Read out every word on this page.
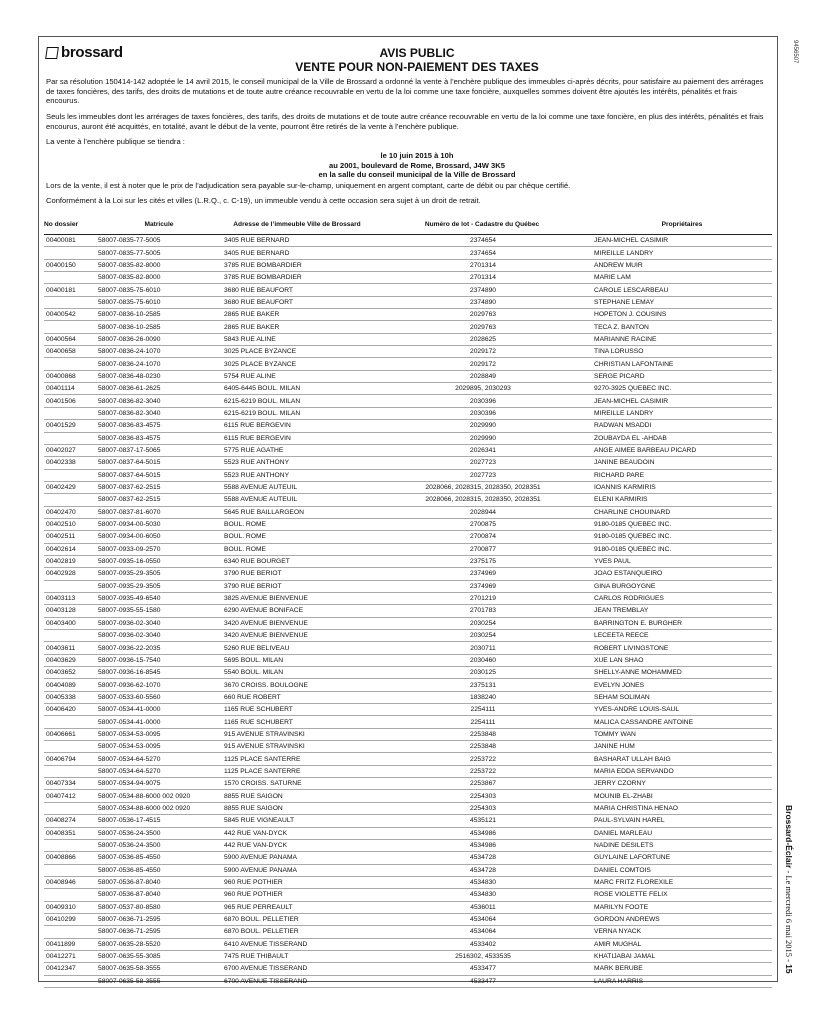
brossard	AVIS PUBLIC
VENTE POUR NON-PAIEMENT DES TAXES
9456507
Par sa résolution 150414-142 adoptée le 14 avril 2015, le conseil municipal de la Ville de Brossard a ordonné la vente à l’enchère publique des immeubles ci-après décrits, pour satisfaire au paiement des arrérages de taxes foncières, des tarifs, des droits de mutations et de toute autre créance recouvrable en vertu de la loi comme une taxe foncière, auxquelles sommes doivent être ajoutés les intérêts, pénalités et frais encourus.
Seuls les immeubles dont les arrérages de taxes foncières, des tarifs, des droits de mutations et de toute autre créance recouvrable en vertu de la loi comme une taxe foncière, en plus des intérêts, pénalités et frais encourus, auront été acquittés, en totalité, avant le début de la vente, pourront être retirés de la vente à l’enchère publique.
La vente à l’enchère publique se tiendra :
le 10 juin 2015 à 10h
au 2001, boulevard de Rome, Brossard, J4W 3K5
en la salle du conseil municipal de la Ville de Brossard
Lors de la vente, il est à noter que le prix de l’adjudication sera payable sur-le-champ, uniquement en argent comptant, carte de débit ou par chèque certifié.
Conformément à la Loi sur les cités et villes (L.R.Q., c. C-19), un immeuble vendu à cette occasion sera sujet à un droit de retrait.
No dossier	Matricule	Adresse de l’immeuble Ville de Brossard	Numéro de lot - Cadastre du Québec	Propriétaires
00400081	58007-0835-77-5005	3405 RUE BERNARD	2374654	JEAN-MICHEL CASIMIR
	58007-0835-77-5005	3405 RUE BERNARD	2374654	MIREILLE LANDRY
00400150	58007-0835-82-8000	3785 RUE BOMBARDIER	2701314	ANDREW MUIR
	58007-0835-82-8000	3785 RUE BOMBARDIER	2701314	MARIE LAM
00400181	58007-0835-75-6010	3680 RUE BEAUFORT	2374890	CAROLE LESCARBEAU
	58007-0835-75-6010	3680 RUE BEAUFORT	2374890	STEPHANE LEMAY
00400542	58007-0836-10-2585	2865 RUE BAKER	2029763	HOPETON J. COUSINS
	58007-0836-10-2585	2865 RUE BAKER	2029763	TECA Z. BANTON
00400564	58007-0836-26-0090	5843 RUE ALINE	2028625	MARIANNE RACINE
00400658	58007-0836-24-1070	3025 PLACE BYZANCE	2029172	TINA LORUSSO
	58007-0836-24-1070	3025 PLACE BYZANCE	2029172	CHRISTIAN LAFONTAINE
00400868	58007-0836-48-0230	5754 RUE ALINE	2028849	SERGE PICARD
00401114	58007-0836-61-2625	6405-6445 BOUL. MILAN	2029895, 2030293	9270-3925 QUEBEC INC.
00401506	58007-0836-82-3040	6215-6219 BOUL. MILAN	2030396	JEAN-MICHEL CASIMIR
	58007-0836-82-3040	6215-6219 BOUL. MILAN	2030396	MIREILLE LANDRY
00401529	58007-0836-83-4575	6115 RUE BERGEVIN	2029990	RADWAN MSADDI
	58007-0836-83-4575	6115 RUE BERGEVIN	2029990	ZOUBAYDA EL -AHDAB
00402027	58007-0837-17-5065	5775 RUE AGATHE	2026341	ANGE AIMEE BARBEAU PICARD
00402338	58007-0837-64-5015	5523 RUE ANTHONY	2027723	JANINE BEAUDOIN
	58007-0837-64-5015	5523 RUE ANTHONY	2027723	RICHARD PARE
00402429	58007-0837-62-2515	5588 AVENUE AUTEUIL	2028066, 2028315, 2028350, 2028351	IOANNIS KARMIRIS
	58007-0837-62-2515	5588 AVENUE AUTEUIL	2028066, 2028315, 2028350, 2028351	ELENI KARMIRIS
00402470	58007-0837-81-6070	5645 RUE BAILLARGEON	2028944	CHARLINE CHOUINARD
00402510	58007-0934-00-5030	BOUL. ROME	2700875	9180-0185 QUEBEC INC.
00402511	58007-0934-00-6050	BOUL. ROME	2700874	9180-0185 QUEBEC INC.
00402614	58007-0933-09-2570	BOUL. ROME	2700877	9180-0185 QUEBEC INC.
00402819	58007-0935-16-0550	6340 RUE BOURGET	2375175	YVES PAUL
00402928	58007-0935-29-3505	3790 RUE BERIOT	2374969	JOAO ESTANQUEIRO
	58007-0935-29-3505	3790 RUE BERIOT	2374969	GINA BURGOYGNE
00403113	58007-0935-49-6540	3825 AVENUE BIENVENUE	2701219	CARLOS RODRIGUES
00403128	58007-0935-55-1580	6290 AVENUE BONIFACE	2701783	JEAN TREMBLAY
00403400	58007-0936-02-3040	3420 AVENUE BIENVENUE	2030254	BARRINGTON E. BURGHER
	58007-0936-02-3040	3420 AVENUE BIENVENUE	2030254	LECEETA REECE
00403611	58007-0936-22-2035	5260 RUE BELIVEAU	2030711	ROBERT LIVINGSTONE
00403629	58007-0936-15-7540	5695 BOUL. MILAN	2030460	XUE LAN SHAO
00403652	58007-0936-16-8545	5540 BOUL. MILAN	2030125	SHELLY-ANNE MOHAMMED
00404089	58007-0936-62-1070	3670 CROISS. BOULOGNE	2375131	EVELYN JONES
00405338	58007-0533-60-5560	660 RUE ROBERT	1838240	SEHAM SOLIMAN
00406420	58007-0534-41-0000	1165 RUE SCHUBERT	2254111	YVES-ANDRE LOUIS-SAUL
	58007-0534-41-0000	1165 RUE SCHUBERT	2254111	MALICA CASSANDRE ANTOINE
00406661	58007-0534-53-0095	915 AVENUE STRAVINSKI	2253848	TOMMY WAN
	58007-0534-53-0095	915 AVENUE STRAVINSKI	2253848	JANINE HUM
00406794	58007-0534-64-5270	1125 PLACE SANTERRE	2253722	BASHARAT ULLAH BAIG
	58007-0534-64-5270	1125 PLACE SANTERRE	2253722	MARIA EDDA SERVANDO
00407334	58007-0534-94-9075	1570 CROISS. SATURNE	2253867	JERRY CZORNY
00407412	58007-0534-88-6000 002 0920	8855 RUE SAIGON	2254303	MOUNIB EL-ZHABI
	58007-0534-88-6000 002 0920	8855 RUE SAIGON	2254303	MARIA CHRISTINA HENAO
00408274	58007-0536-17-4515	5845 RUE VIGNEAULT	4535121	PAUL-SYLVAIN HAREL
00408351	58007-0536-24-3500	442 RUE VAN-DYCK	4534986	DANIEL MARLEAU
	58007-0536-24-3500	442 RUE VAN-DYCK	4534986	NADINE DESILETS
00408866	58007-0536-85-4550	5900 AVENUE PANAMA	4534728	GUYLAINE LAFORTUNE
	58007-0536-85-4550	5900 AVENUE PANAMA	4534728	DANIEL COMTOIS
00408946	58007-0536-87-8040	960 RUE POTHIER	4534830	MARC FRITZ FLOREXILE
	58007-0536-87-8040	960 RUE POTHIER	4534830	ROSE VIOLETTE FELIX
00409310	58007-0537-80-8580	965 RUE PERREAULT	4536011	MARILYN FOOTE
00410299	58007-0636-71-2595	6870 BOUL. PELLETIER	4534064	GORDON ANDREWS
	58007-0636-71-2595	6870 BOUL. PELLETIER	4534064	VERNA NYACK
00411899	58007-0635-28-5520	6410 AVENUE TISSERAND	4533402	AMIR MUGHAL
00412271	58007-0635-55-3085	7475 RUE THIBAULT	2516302, 4533535	KHATIJABAI JAMAL
00412347	58007-0635-58-3555	6700 AVENUE TISSERAND	4533477	MARK BERUBE
	58007-0635-58-3555	6700 AVENUE TISSERAND	4533477	LAURA HARRIS
Brossard-Éclair - Le mercredi 6 mai 2015 - 15
